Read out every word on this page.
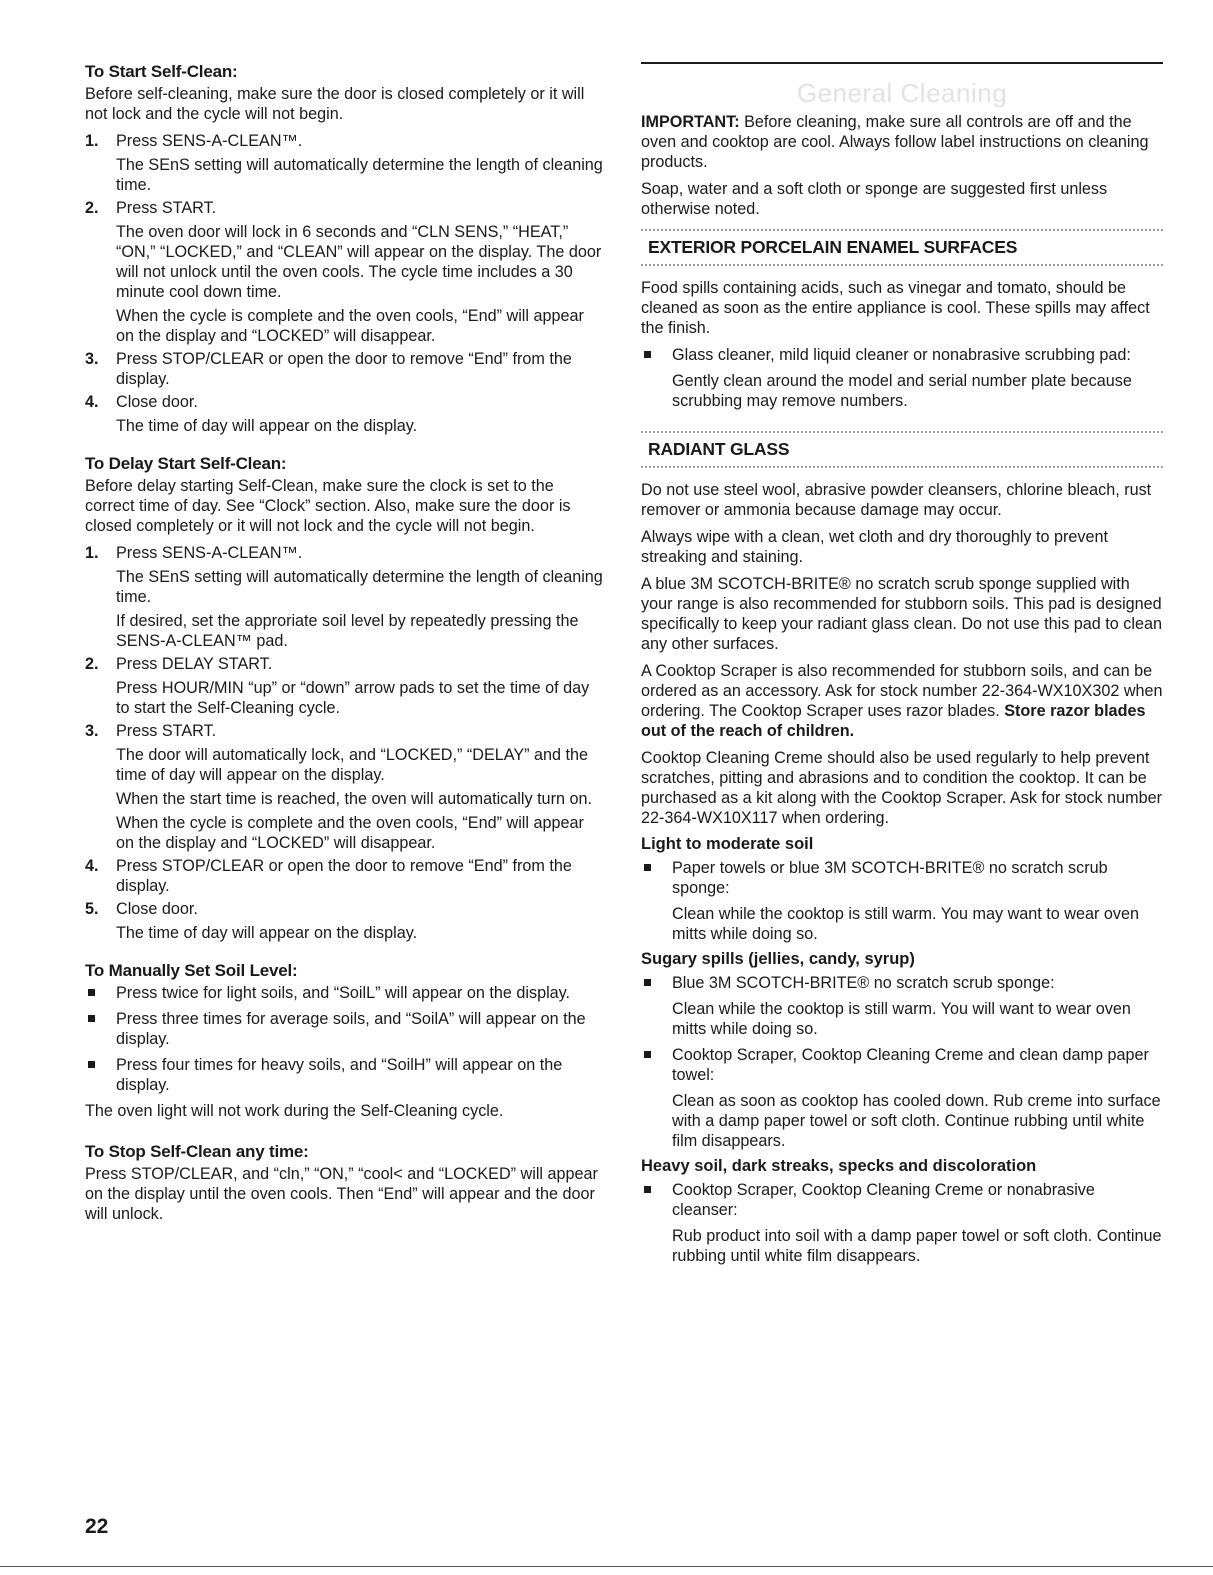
To Start Self-Clean:
Before self-cleaning, make sure the door is closed completely or it will not lock and the cycle will not begin.
1. Press SENS-A-CLEAN™.
The SEnS setting will automatically determine the length of cleaning time.
2. Press START.
The oven door will lock in 6 seconds and “CLN SENS,” “HEAT,” “ON,” “LOCKED,” and “CLEAN” will appear on the display. The door will not unlock until the oven cools. The cycle time includes a 30 minute cool down time.
When the cycle is complete and the oven cools, “End” will appear on the display and “LOCKED” will disappear.
3. Press STOP/CLEAR or open the door to remove “End” from the display.
4. Close door.
The time of day will appear on the display.
To Delay Start Self-Clean:
Before delay starting Self-Clean, make sure the clock is set to the correct time of day. See “Clock” section. Also, make sure the door is closed completely or it will not lock and the cycle will not begin.
1. Press SENS-A-CLEAN™.
The SEnS setting will automatically determine the length of cleaning time.
If desired, set the approriate soil level by repeatedly pressing the SENS-A-CLEAN™ pad.
2. Press DELAY START.
Press HOUR/MIN “up” or “down” arrow pads to set the time of day to start the Self-Cleaning cycle.
3. Press START.
The door will automatically lock, and “LOCKED,” “DELAY” and the time of day will appear on the display.
When the start time is reached, the oven will automatically turn on.
When the cycle is complete and the oven cools, “End” will appear on the display and “LOCKED” will disappear.
4. Press STOP/CLEAR or open the door to remove “End” from the display.
5. Close door.
The time of day will appear on the display.
To Manually Set Soil Level:
Press twice for light soils, and “SoilL” will appear on the display.
Press three times for average soils, and “SoilA” will appear on the display.
Press four times for heavy soils, and “SoilH” will appear on the display.
The oven light will not work during the Self-Cleaning cycle.
To Stop Self-Clean any time:
Press STOP/CLEAR, and “cln,” “ON,” “cool< and “LOCKED” will appear on the display until the oven cools. Then “End” will appear and the door will unlock.
General Cleaning
IMPORTANT: Before cleaning, make sure all controls are off and the oven and cooktop are cool. Always follow label instructions on cleaning products.
Soap, water and a soft cloth or sponge are suggested first unless otherwise noted.
EXTERIOR PORCELAIN ENAMEL SURFACES
Food spills containing acids, such as vinegar and tomato, should be cleaned as soon as the entire appliance is cool. These spills may affect the finish.
Glass cleaner, mild liquid cleaner or nonabrasive scrubbing pad:
Gently clean around the model and serial number plate because scrubbing may remove numbers.
RADIANT GLASS
Do not use steel wool, abrasive powder cleansers, chlorine bleach, rust remover or ammonia because damage may occur.
Always wipe with a clean, wet cloth and dry thoroughly to prevent streaking and staining.
A blue 3M SCOTCH-BRITE® no scratch scrub sponge supplied with your range is also recommended for stubborn soils. This pad is designed specifically to keep your radiant glass clean. Do not use this pad to clean any other surfaces.
A Cooktop Scraper is also recommended for stubborn soils, and can be ordered as an accessory. Ask for stock number 22-364-WX10X302 when ordering. The Cooktop Scraper uses razor blades. Store razor blades out of the reach of children.
Cooktop Cleaning Creme should also be used regularly to help prevent scratches, pitting and abrasions and to condition the cooktop. It can be purchased as a kit along with the Cooktop Scraper. Ask for stock number 22-364-WX10X117 when ordering.
Light to moderate soil
Paper towels or blue 3M SCOTCH-BRITE® no scratch scrub sponge:
Clean while the cooktop is still warm. You may want to wear oven mitts while doing so.
Sugary spills (jellies, candy, syrup)
Blue 3M SCOTCH-BRITE® no scratch scrub sponge:
Clean while the cooktop is still warm. You will want to wear oven mitts while doing so.
Cooktop Scraper, Cooktop Cleaning Creme and clean damp paper towel:
Clean as soon as cooktop has cooled down. Rub creme into surface with a damp paper towel or soft cloth. Continue rubbing until white film disappears.
Heavy soil, dark streaks, specks and discoloration
Cooktop Scraper, Cooktop Cleaning Creme or nonabrasive cleanser:
Rub product into soil with a damp paper towel or soft cloth. Continue rubbing until white film disappears.
22
